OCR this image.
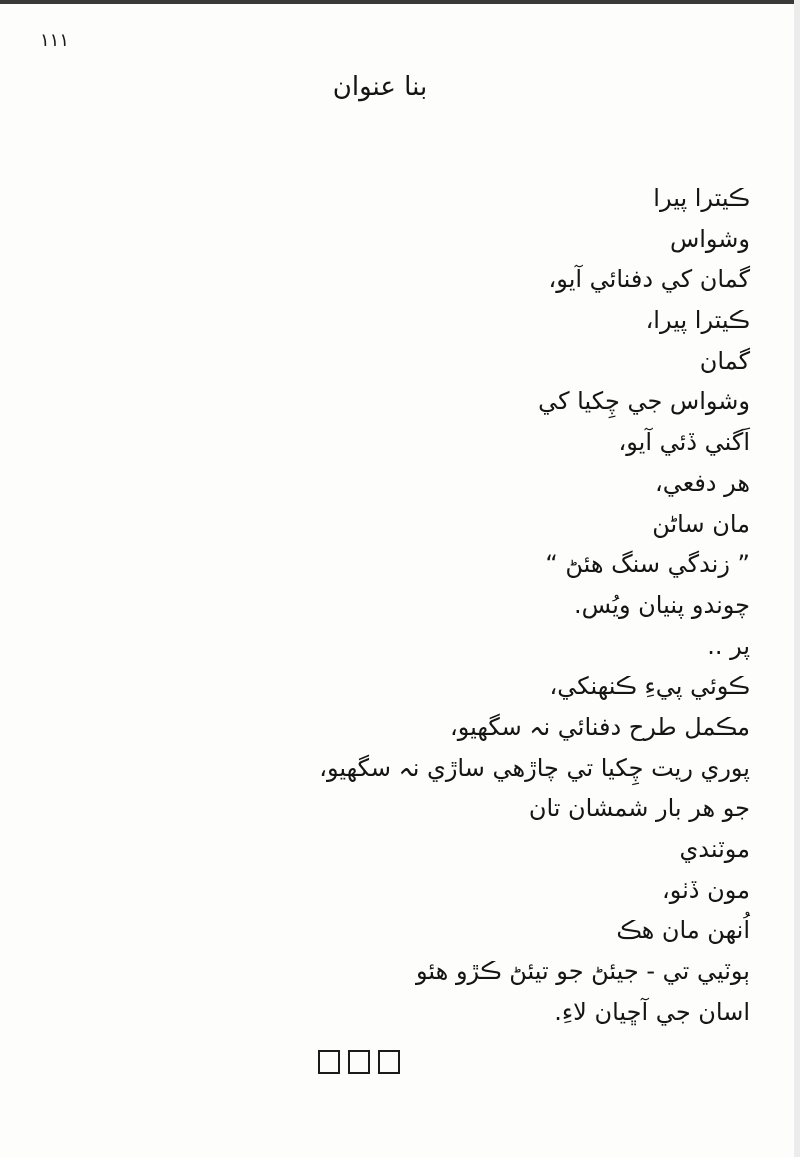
۱۱۱
بنا عنوان
ڪيترا پيرا
وشواس
گمان کي دفنائي آيو،
ڪيترا پيرا،
گمان
وشواس جي چِکيا کي
اَگني ڏئي آيو،
هر دفعي،
مان ساڻن
” زندگي سنگ هئڻ “
چوندو پنيان ويُس.
پر ..
ڪوئي پيءِ ڪنهنکي،
مڪمل طرح دفنائي نہ سگهيو،
پوري ريت چِکيا تي چاڙهي ساڙي نہ سگهيو،
جو هر بار شمشان تان
موٽندي
مون ڏٺو،
اُنهن مان هڪ
ٻوٽيي تي - جيئڻ جو تيئڻ ڪڙو هئو
اسان جي آڇيان لاءِ.
